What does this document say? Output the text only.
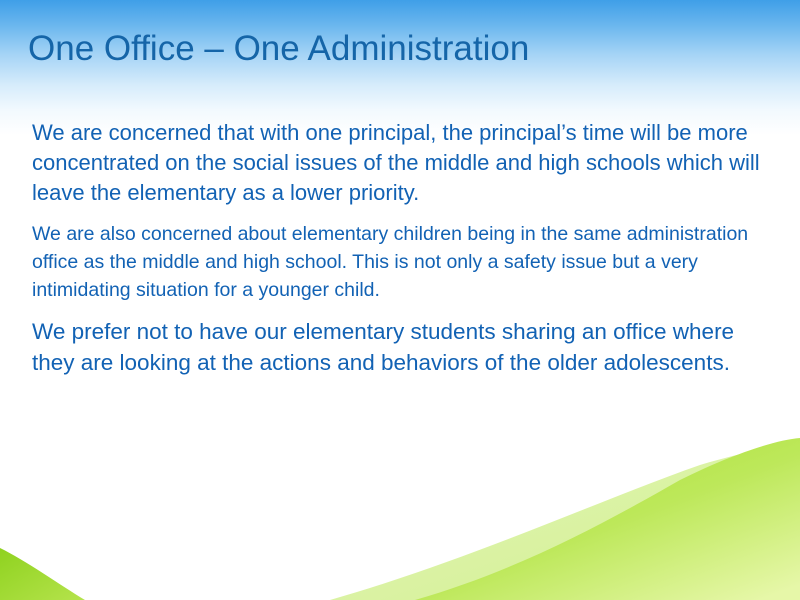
One Office – One Administration

We are concerned that with one principal, the principal’s time will be more concentrated on the social issues of the middle and high schools which will leave the elementary as a lower priority.

We are also concerned about elementary children being in the same administration office as the middle and high school. This is not only a safety issue but a very intimidating situation for a younger child.

We prefer not to have our elementary students sharing an office where they are looking at the actions and behaviors of the older adolescents.
